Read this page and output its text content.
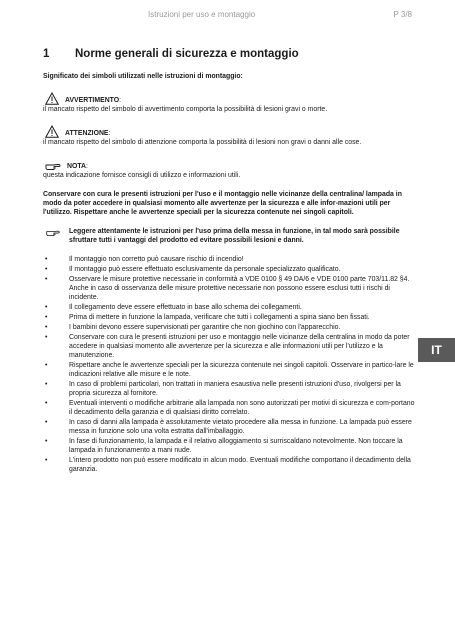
Istruzioni per uso e montaggio	P 3/8
1 Norme generali di sicurezza e montaggio
Significato dei simboli utilizzati nelle istruzioni di montaggio:
AVVERTIMENTO :
il mancato rispetto del simbolo di avvertimento comporta la possibilità di lesioni gravi o morte.
ATTENZIONE :
il mancato rispetto del simbolo di attenzione comporta la possibilità di lesioni non gravi o danni alle cose.
NOTA :
questa indicazione fornisce consigli di utilizzo e informazioni utili.
Conservare con cura le presenti istruzioni per l'uso e il montaggio nelle vicinanze della centralina/ lampada in modo da poter accedere in qualsiasi momento alle avvertenze per la sicurezza e alle infor-mazioni utili per l'utilizzo. Rispettare anche le avvertenze speciali per la sicurezza contenute nei singoli capitoli.
Leggere attentamente le istruzioni per l'uso prima della messa in funzione, in tal modo sarà possibile sfruttare tutti i vantaggi del prodotto ed evitare possibili lesioni e danni.
• Il montaggio non corretto può causare rischio di incendio!
• Il montaggio può essere effettuato esclusivamente da personale specializzato qualificato.
• Osservare le misure protettive necessarie in conformità a VDE 0100 § 49 DA/6 e VDE 0100 parte 703/11.82 §4. Anche in caso di osservanza delle misure protettive necessarie non possono essere esclusi tutti i rischi di incidente.
• Il collegamento deve essere effettuato in base allo schema dei collegamenti.
• Prima di mettere in funzione la lampada, verificare che tutti i collegamenti a spina siano ben fissati.
• I bambini devono essere supervisionati per garantire che non giochino con l'apparecchio.
• Conservare con cura le presenti istruzioni per uso e montaggio nelle vicinanze della centralina in modo da poter accedere in qualsiasi momento alle avvertenze per la sicurezza e alle informazioni utili per l'utilizzo e la manutenzione.
• Rispettare anche le avvertenze speciali per la sicurezza contenute nei singoli capitoli. Osservare in partico-lare le indicazioni relative alle misure e le note.
• In caso di problemi particolari, non trattati in maniera esaustiva nelle presenti istruzioni d'uso, rivolgersi per la propria sicurezza al fornitore.
• Eventuali interventi o modifiche arbitrarie alla lampada non sono autorizzati per motivi di sicurezza e com-portano il decadimento della garanzia e di qualsiasi diritto correlato.
• In caso di danni alla lampada è assolutamente vietato procedere alla messa in funzione. La lampada può essere messa in funzione solo una volta estratta dall'imballaggio.
• In fase di funzionamento, la lampada e il relativo alloggiamento si surriscaldano notevolmente. Non toccare la lampada in funzionamento a mani nude.
• L'intero prodotto non può essere modificato in alcun modo. Eventuali modifiche comportano il decadimento della garanzia.
IT
